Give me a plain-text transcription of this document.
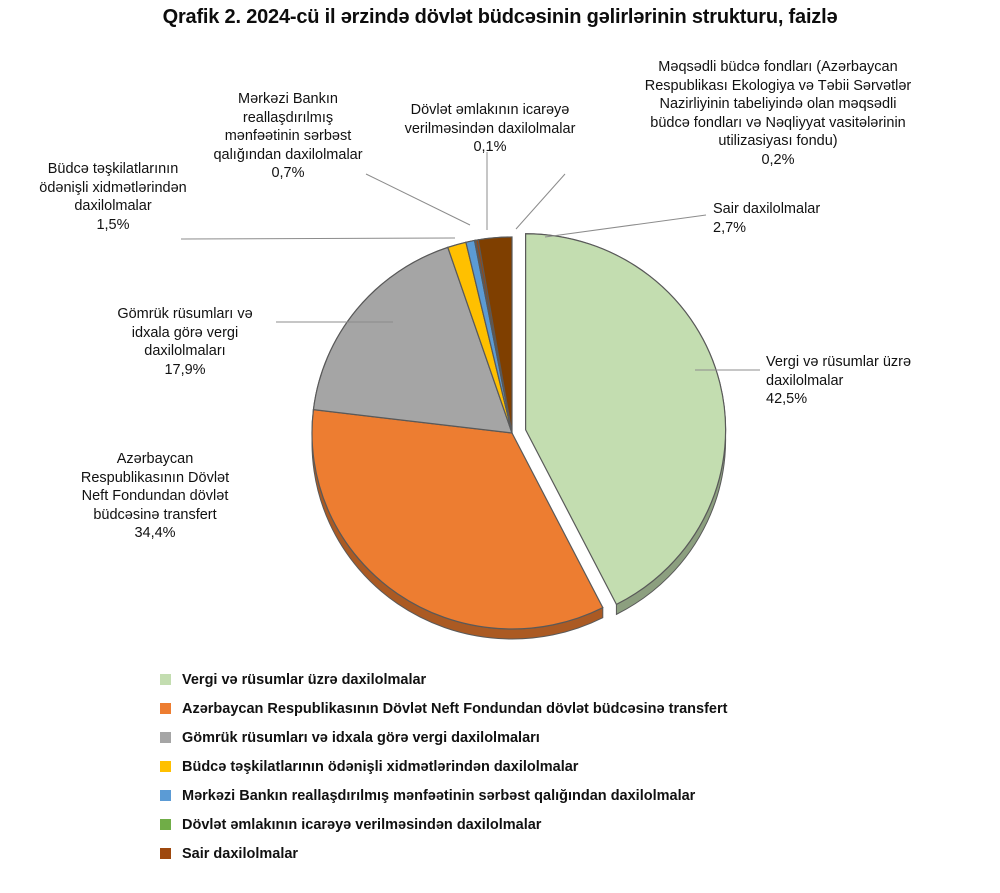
Qrafik 2. 2024-cü il ərzində dövlət büdcəsinin gəlirlərinin strukturu, faizlə
Büdcə təşkilatlarının
ödənişli xidmətlərindən
daxilolmalar
1,5%
Mərkəzi Bankın
reallaşdırılmış
mənfəətinin sərbəst
qalığından daxilolmalar
0,7%
Dövlət əmlakının icarəyə
verilməsindən daxilolmalar
0,1%
Məqsədli büdcə fondları (Azərbaycan
Respublikası Ekologiya və Təbii Sərvətlər
Nazirliyinin tabeliyində olan məqsədli
büdcə fondları və Nəqliyyat vasitələrinin
utilizasiyası fondu)
0,2%
Sair daxilolmalar
2,7%
Vergi və rüsumlar üzrə
daxilolmalar
42,5%
Gömrük rüsumları və
idxala görə vergi
daxilolmaları
17,9%
Azərbaycan
Respublikasının Dövlət
Neft Fondundan dövlət
büdcəsinə transfert
34,4%
Vergi və rüsumlar üzrə daxilolmalar
Azərbaycan Respublikasının Dövlət Neft Fondundan dövlət büdcəsinə transfert
Gömrük rüsumları və idxala görə vergi daxilolmaları
Büdcə təşkilatlarının ödənişli xidmətlərindən daxilolmalar
Mərkəzi Bankın reallaşdırılmış mənfəətinin sərbəst qalığından daxilolmalar
Dövlət əmlakının icarəyə verilməsindən daxilolmalar
Sair daxilolmalar
